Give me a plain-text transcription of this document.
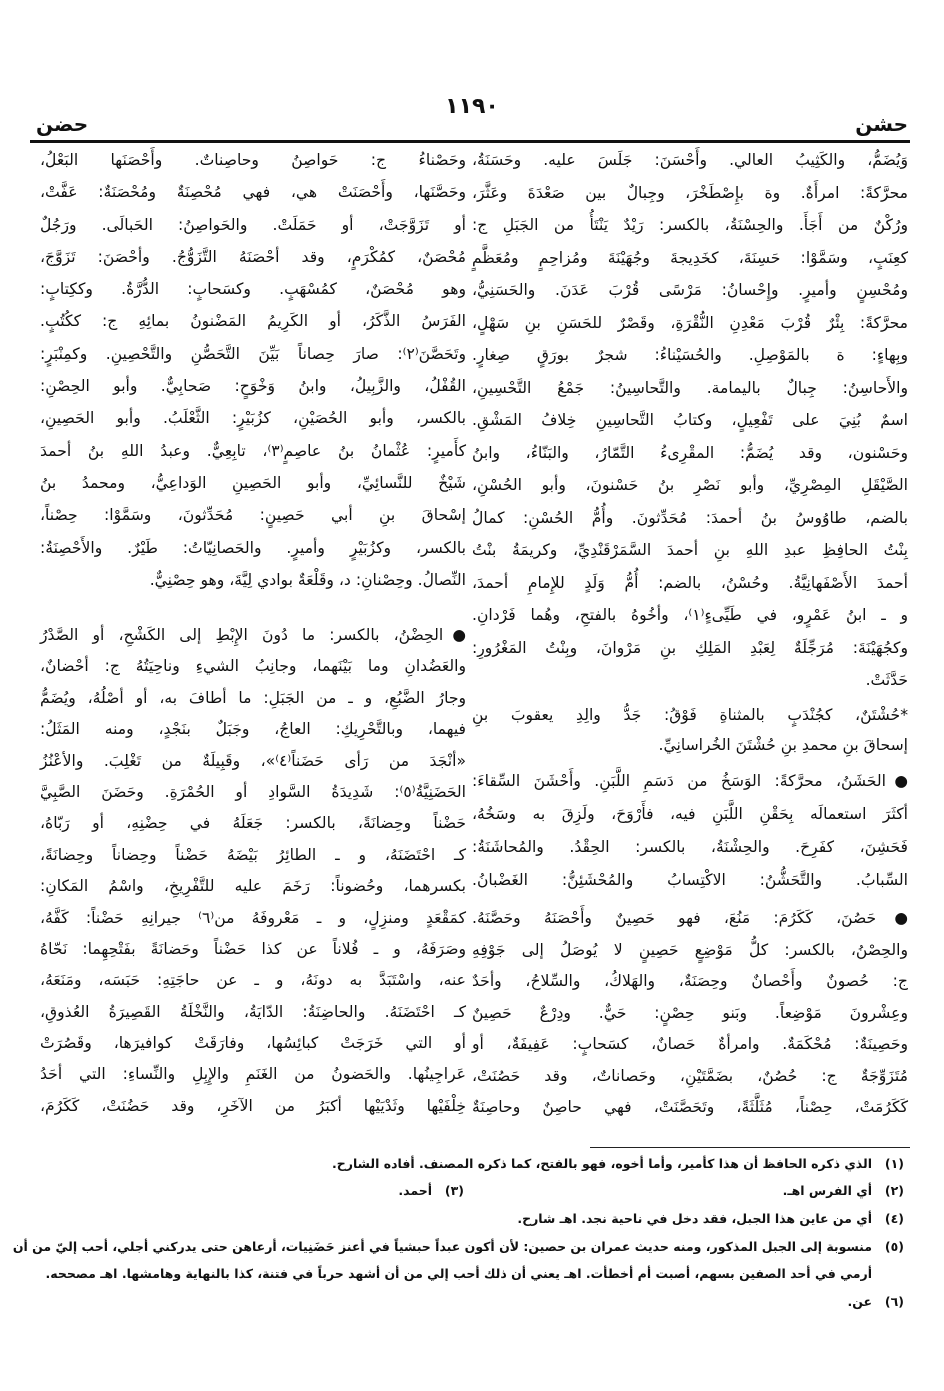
حشن
١١٩٠
حضن
وَيُضَمُّ، والكَثِيبُ العالي. وأَحْسَنَ: جَلَسَ عليه. وحَسَنَةُ،
محرَّكةً: امرأَةٌ. وة بإِصْطَخْرَ، وجِبالٌ بين صَعْدَةَ وعَثَّرَ،
ورُكْنٌ من أَجَأَ. والحِسْنَةُ، بالكسر: رَيْدٌ يَنْتَأُ من الجَبَلِ ج:
كعِنَبٍ، وسَمَّوْا: حَسِنَةَ، كخَدِيجةَ وجُهَيْنَةَ ومُزاحِمٍ ومُعَظَّمٍ
ومُحْسِنٍ وأميرٍ. وإِحْسانُ: مَرْسًى قُرْبَ عَدَنَ. والحَسَنِيُّ،
محرَّكةً: بِئْرٌ قُرْبَ مَعْدِنِ النُّقْرَةِ، وقَصْرٌ للحَسَنِ بنِ سَهْلٍ،
وبِهاءٍ: ة بالمَوْصِلِ. والحُسَيْناءُ: شجرٌ بورَقٍ صِغارٍ.
والأَحاسِنُ: جِبالٌ باليمامة. والتَّحاسِينُ: جَمْعُ التَّحْسِينِ،
اسمٌ بُنِيَ على تَفْعِيلٍ، وكتابُ التَّحاسِينِ خِلافُ المَشْقِ.
وحَسْنون، وقد يُضَمُّ: المقْرِىءُ التَّمّارُ، والبَنّاءُ، وابنُ
الصَّيْقَلِ المِصْرِيِّ، وأبو نَصْرِ بنُ حَسْنونَ، وأبو الحُسْنِ،
بالضم، طاوُوسُ بنُ أحمدَ: مُحَدِّثونَ. وأُمُّ الحُسْنِ: كمالُ
بِنْتُ الحافِظِ عبدِ اللهِ بنِ أحمدَ السَّمَرْقَنْدِيِّ، وكريمَةُ بنْتُ
أحمدَ الأَصْفَهانِيَّةُ. وحُسْنُ، بالضم: أُمُّ وَلَدٍ للإِمامِ أحمدَ،
و ـ ابنُ عَمْرٍو، في طَيِّىءٍ⁽١⁾، وأخُوهُ بالفتحِ، وهُما فَرْدانِ.
وكجُهَيْنَةَ: مُرَجِّلَةٌ لِعَبْدِ المَلِكِ بنِ مَرْوانَ، وبِنْتُ المَغْرُورِ:
حَدَّثَتْ.
*حُشْتَنٌ، كجُنْدَبٍ بالمثناةِ فَوْقُ: جَدُّ والِدِ يعقوبَ بنِ
إسحاقَ بنِ محمدِ بنِ حُشْتَنَ الخُراسانِيِّ.
●الحَشَنُ، محرَّكةً: الوَسَخُ من دَسَمِ اللَّبَنِ. وأَحْشَنَ السِّقاءَ:
أكثَرَ استعمالَه بِحَقْنِ اللَّبَنِ فيه، فأَرْوَحَ، ولَزِقَ به وسَخُهُ،
فَحَشِنَ، كفَرِحَ. والحِشْنَةُ، بالكسر: الحِقْدُ. والمُحاشَنَةُ:
السِّبابُ. والتَّحَشُّنُ: الاكْتِسابُ والمُحْشَئِنُّ: الغَضْبانُ.
●حَصُنَ، كَكَرُمَ: مَنُعَ، فهو حَصِينٌ وأَحْصَنَهُ وحَصَّنَهُ.
والحِصْنُ، بالكسر: كلُّ مَوْضِعٍ حَصِينٍ لا يُوصَلُ إلى جَوْفِهِ
ج: حُصونٌ وأَحْصانٌ وحِصَنَةٌ، والهَلاكُ، والسِّلاحُ، وأحَدٌ
وعِشْرونَ مَوْضِعاً. وبَنو حِصْنٍ: حَيٌّ. ودِرْعٌ حَصِينٌ
وحَصِينَةٌ: مُحْكَمَةٌ. وامرأةٌ حَصانٌ، كسَحابٍ: عَفِيفَةٌ، أو
مُتَزَوِّجَةٌ ج: حُصُنٌ، بضَمَّتَيْنِ، وحَصاناتٌ، وقد حَصُنَتْ،
كَكَرُمَتْ، حِصْناً، مُثَلَّثَةً، وتَحَصَّنَتْ، فهي حاصِنٌ وحاصِنَةٌ
وحَصْناءُ ج: حَواصِنُ وحاصِناتٌ. وأَحْصَنَها البَعْلُ،
وحَصَّنَها، وأَحْصَنَتْ هي، فهي مُحْصِنَةٌ ومُحْصَنَةٌ: عَفَّتْ،
أو تَزَوَّجَتْ، أو حَمَلَتْ. والحَواصِنُ: الحَبالَى. ورَجُلٌ
مُحْصَنٌ، كمُكْرَمٍ، وقد أحْصَنَهُ التَّزَوُّجُ. وأحْصَنَ: تَزَوَّجَ،
وهو مُحْصَنٌ، كمُسْهَبٍ. وكسَحابٍ: الدُّرَّةُ. وككِتابٍ:
الفَرَسُ الذَّكَرُ، أو الكَرِيمُ المَضْنونُ بمائِهِ ج: ككُتُبٍ.
وتَحَصَّنَ⁽٢⁾: صارَ حِصاناً بَيِّنَ التَّحَصُّنِ والتَّحْصِينِ. وكمِنْبَرٍ:
القُفْلُ، والزَّبِيلُ، وابنُ وَخْوَحٍ: صَحابِيٌّ. وأبو الحِصْنِ:
بالكسر، وأبو الحُصَيْنِ، كزُبَيْرٍ: الثَّعْلَبُ. وأبو الحَصِينِ،
كأَميرٍ: عُثْمانُ بنُ عاصِمٍ⁽٣⁾، تابِعِيٌّ. وعبدُ اللهِ بنُ أحمدَ
شَيْخٌ للنَّسائِيِّ، وأبو الحَصِينِ الوَداعِيُّ، ومحمدُ بنُ
إسْحاقَ بنِ أبي حَصِينٍ: مُحَدِّثونَ، وسَمَّوْا: حِصْناً،
بالكسر، وكزُبَيْرٍ وأميرٍ. والحَصانِيّاتُ: طَيْرٌ. والأَحْصِنَةُ:
النِّصالُ. وحِصْنانِ: د، وقَلْعَةٌ بوادي لِيَّةَ، وهو حِصْنِيٌّ.
●الحِضْنُ، بالكسر: ما دُونَ الإِبْطِ إلى الكَشْحِ، أو الصَّدْرُ
والعَضُدانِ وما بَيْنَهما، وجانِبُ الشيءِ وناحِيَتُهُ ج: أحْضانٌ،
وجارُ الضَّبُعِ، و ـ من الجَبَلِ: ما أطافَ به، أو أصْلُهُ، ويُضَمُّ
فيهما، وبالتَّحْرِيكِ: العاجُ، وجَبَلٌ بنَجْدٍ، ومنه المَثَلُ:
«أنْجَدَ من رَأى حَضَناً⁽٤⁾»، وقَبِيلَةٌ من تَغْلِبَ. والأعْنُزُ
الحَضَنِيَّةُ⁽٥⁾: شَدِيدَةُ السَّوادِ أو الحُمْرَةِ. وحَضَنَ الصَّبِيَّ
حَضْناً وحِضانَةً، بالكسر: جَعَلَهُ في حِضْنِهِ، أو رَبّاهُ،
كـ احْتَضَنَهُ، و ـ الطائِرُ بَيْضَهُ حَضْناً وحِضاناً وحِضانَةً،
بكسرهما، وحُضوناً: رَخَمَ عليه للتَّفْرِيخِ، واسْمُ المَكانِ:
كمَقْعَدٍ ومنزِلٍ، و ـ مَعْروفَهُ من⁽٦⁾ جيرانِهِ حَضْناً: كَفَّهُ،
وصَرَفَهُ، و ـ فُلاناً عن كذا حَضْناً وحَضانَةً بفَتْحِهِما: نَحّاهُ
عنه، واسْتَبَدَّ به دونَهُ، و ـ عن حاجَتِهِ: حَبَسَه، ومَنَعَهُ،
كـ احْتَضَنَهُ. والحاضِنَةُ: الدّايَةُ، والنَّخْلَةُ القَصِيرَةُ العُذوقِ،
أو التي خَرَجَتْ كبائِسُها، وفارَقَتْ كوافيرَها، وقَصُرَتْ
عَراجِينُها. والحَضونُ من الغَنَمِ والإِبِلِ والنِّساءِ: التي أحَدُ
خِلْفَيْها وثَدْيَيْها أكبَرُ من الآخَرِ، وقد حَضُنَتْ، كَكَرُمَ،
(١)
الذي ذكره الحافظ أن هذا كأمير، وأما أخوه، فهو بالفتح، كما ذكره المصنف. أفاده الشارح.
(٢)
أي الفرس اهـ.
(٣)
أحمد.
(٤)
أي من عاين هذا الجبل، فقد دخل في ناحية نجد. اهـ شارح.
(٥)
منسوبة إلى الجبل المذكور، ومنه حديث عمران بن حصين: لأن أكون عبداً حبشياً في أعنز حَضَنِيات، أرعاهن حتى يدركني أجلي، أحب إليّ من أن
أرمي في أحد الصفين بسهم، أصبت أم أخطأت. اهـ يعني أن ذلك أحب إلي من أن أشهد حرباً في فتنة، كذا بالنهاية وهامشها. اهـ مصححه.
(٦)
عن.
